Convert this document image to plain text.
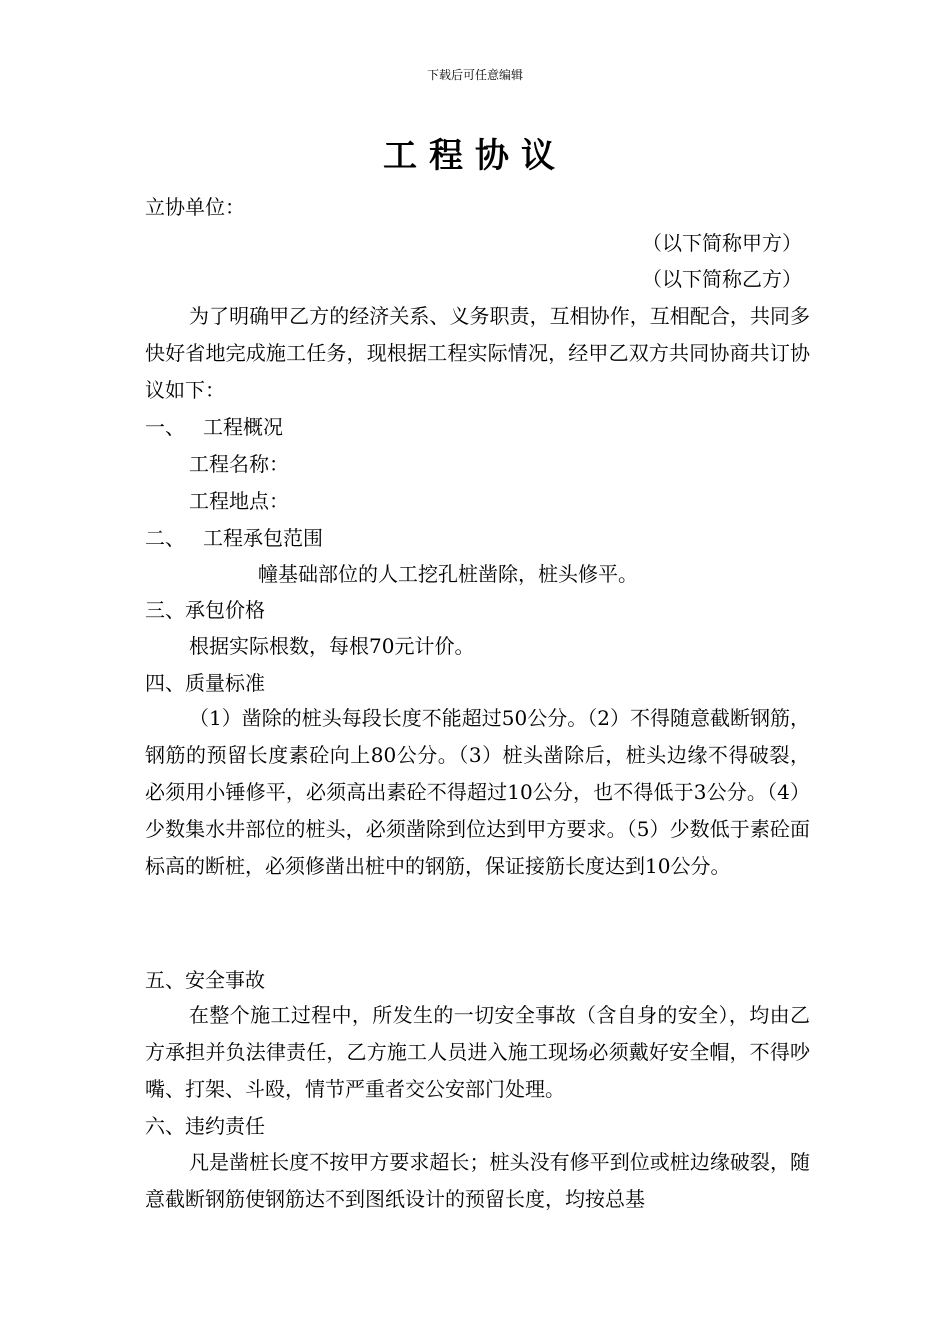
下载后可任意编辑
工程协议
立协单位：
（以下简称甲方）
（以下简称乙方）
为了明确甲乙方的经济关系、义务职责，互相协作，互相配合，共同多快好省地完成施工任务，现根据工程实际情况，经甲乙双方共同协商共订协议如下：
一、 工程概况
工程名称：
工程地点：
二、 工程承包范围
幢基础部位的人工挖孔桩凿除，桩头修平。
三、承包价格
根据实际根数，每根70元计价。
四、质量标准
（1）凿除的桩头每段长度不能超过50公分。（2）不得随意截断钢筋，钢筋的预留长度素砼向上80公分。（3）桩头凿除后，桩头边缘不得破裂，必须用小锤修平，必须高出素砼不得超过10公分，也不得低于3公分。（4）少数集水井部位的桩头，必须凿除到位达到甲方要求。（5）少数低于素砼面标高的断桩，必须修凿出桩中的钢筋，保证接筋长度达到10公分。
五、安全事故
在整个施工过程中，所发生的一切安全事故（含自身的安全），均由乙方承担并负法律责任，乙方施工人员进入施工现场必须戴好安全帽，不得吵嘴、打架、斗殴，情节严重者交公安部门处理。
六、违约责任
凡是凿桩长度不按甲方要求超长；桩头没有修平到位或桩边缘破裂，随意截断钢筋使钢筋达不到图纸设计的预留长度，均按总基
